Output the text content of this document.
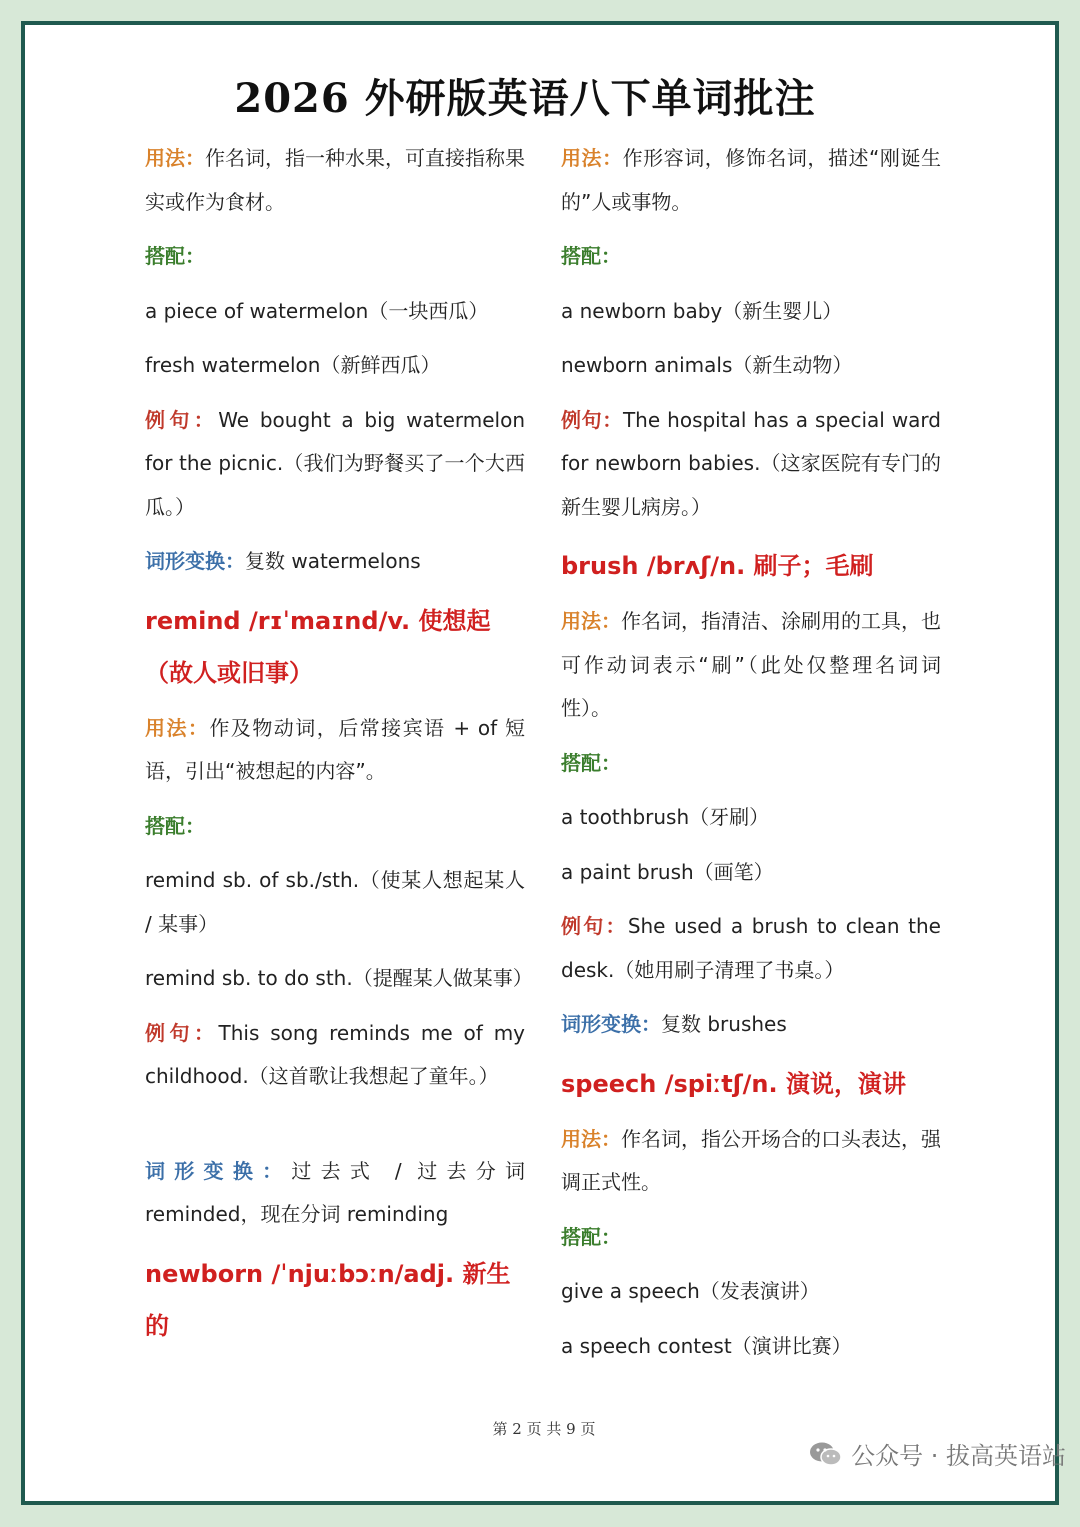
2026 外研版英语八下单词批注
用法：作名词，指一种水果，可直接指称果实或作为食材。
搭配：
a piece of watermelon（一块西瓜）
fresh watermelon（新鲜西瓜）
例句：We bought a big watermelon for the picnic.（我们为野餐买了一个大西瓜。）
词形变换：复数 watermelons
remind /rɪˈmaɪnd/v. 使想起（故人或旧事）
用法：作及物动词，后常接宾语 + of 短语，引出“被想起的内容”。
搭配：
remind sb. of sb./sth.（使某人想起某人 / 某事）
remind sb. to do sth.（提醒某人做某事）
例句：This song reminds me of my childhood.（这首歌让我想起了童年。）
词形变换：过去式 / 过去分词 reminded，现在分词 reminding
newborn /ˈnjuːbɔːn/adj. 新生的
用法：作形容词，修饰名词，描述“刚诞生的”人或事物。
搭配：
a newborn baby（新生婴儿）
newborn animals（新生动物）
例句：The hospital has a special ward for newborn babies.（这家医院有专门的新生婴儿病房。）
brush /brʌʃ/n. 刷子；毛刷
用法：作名词，指清洁、涂刷用的工具，也可作动词表示“刷”（此处仅整理名词词性）。
搭配：
a toothbrush（牙刷）
a paint brush（画笔）
例句：She used a brush to clean the desk.（她用刷子清理了书桌。）
词形变换：复数 brushes
speech /spiːtʃ/n. 演说，演讲
用法：作名词，指公开场合的口头表达，强调正式性。
搭配：
give a speech（发表演讲）
a speech contest（演讲比赛）
第 2 页 共 9 页
公众号 · 拔高英语站
